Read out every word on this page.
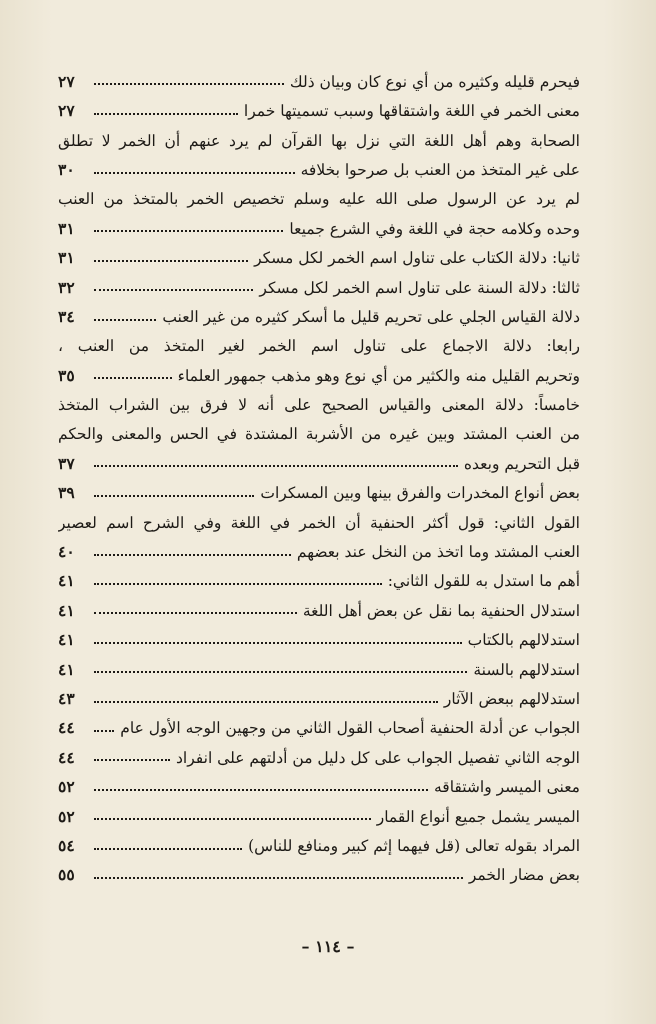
فيحرم قليله وكثيره من أي نوع كان وبيان ذلك
٢٧
معنى الخمر في اللغة واشتقاقها وسبب تسميتها خمرا
٢٧
الصحابة وهم أهل اللغة التي نزل بها القرآن لم يرد عنهم أن الخمر لا تطلق
على غير المتخذ من العنب بل صرحوا بخلافه
٣٠
لم يرد عن الرسول صلى الله عليه وسلم تخصيص الخمر بالمتخذ من العنب
وحده وكلامه حجة في اللغة وفي الشرع جميعا
٣١
ثانيا: دلالة الكتاب على تناول اسم الخمر لكل مسكر
٣١
ثالثا: دلالة السنة على تناول اسم الخمر لكل مسكر
٣٢
دلالة القياس الجلي على تحريم قليل ما أسكر كثيره من غير العنب
٣٤
رابعا: دلالة الاجماع على تناول اسم الخمر لغير المتخذ من العنب ،
وتحريم القليل منه والكثير من أي نوع وهو مذهب جمهور العلماء
٣٥
خامساً: دلالة المعنى والقياس الصحيح على أنه لا فرق بين الشراب المتخذ
من العنب المشتد وبين غيره من الأشربة المشتدة في الحس والمعنى والحكم
قبل التحريم وبعده
٣٧
بعض أنواع المخدرات والفرق بينها وبين المسكرات
٣٩
القول الثاني: قول أكثر الحنفية أن الخمر في اللغة وفي الشرح اسم لعصير
العنب المشتد وما اتخذ من النخل عند بعضهم
٤٠
أهم ما استدل به للقول الثاني:
٤١
استدلال الحنفية بما نقل عن بعض أهل اللغة
٤١
استدلالهم بالكتاب
٤١
استدلالهم بالسنة
٤١
استدلالهم ببعض الآثار
٤٣
الجواب عن أدلة الحنفية أصحاب القول الثاني من وجهين الوجه الأول عام
٤٤
الوجه الثاني تفصيل الجواب على كل دليل من أدلتهم على انفراد
٤٤
معنى الميسر واشتقاقه
٥٢
الميسر يشمل جميع أنواع القمار
٥٢
المراد بقوله تعالى (قل فيهما إثم كبير ومنافع للناس)
٥٤
بعض مضار الخمر
٥٥
– ١١٤ –
